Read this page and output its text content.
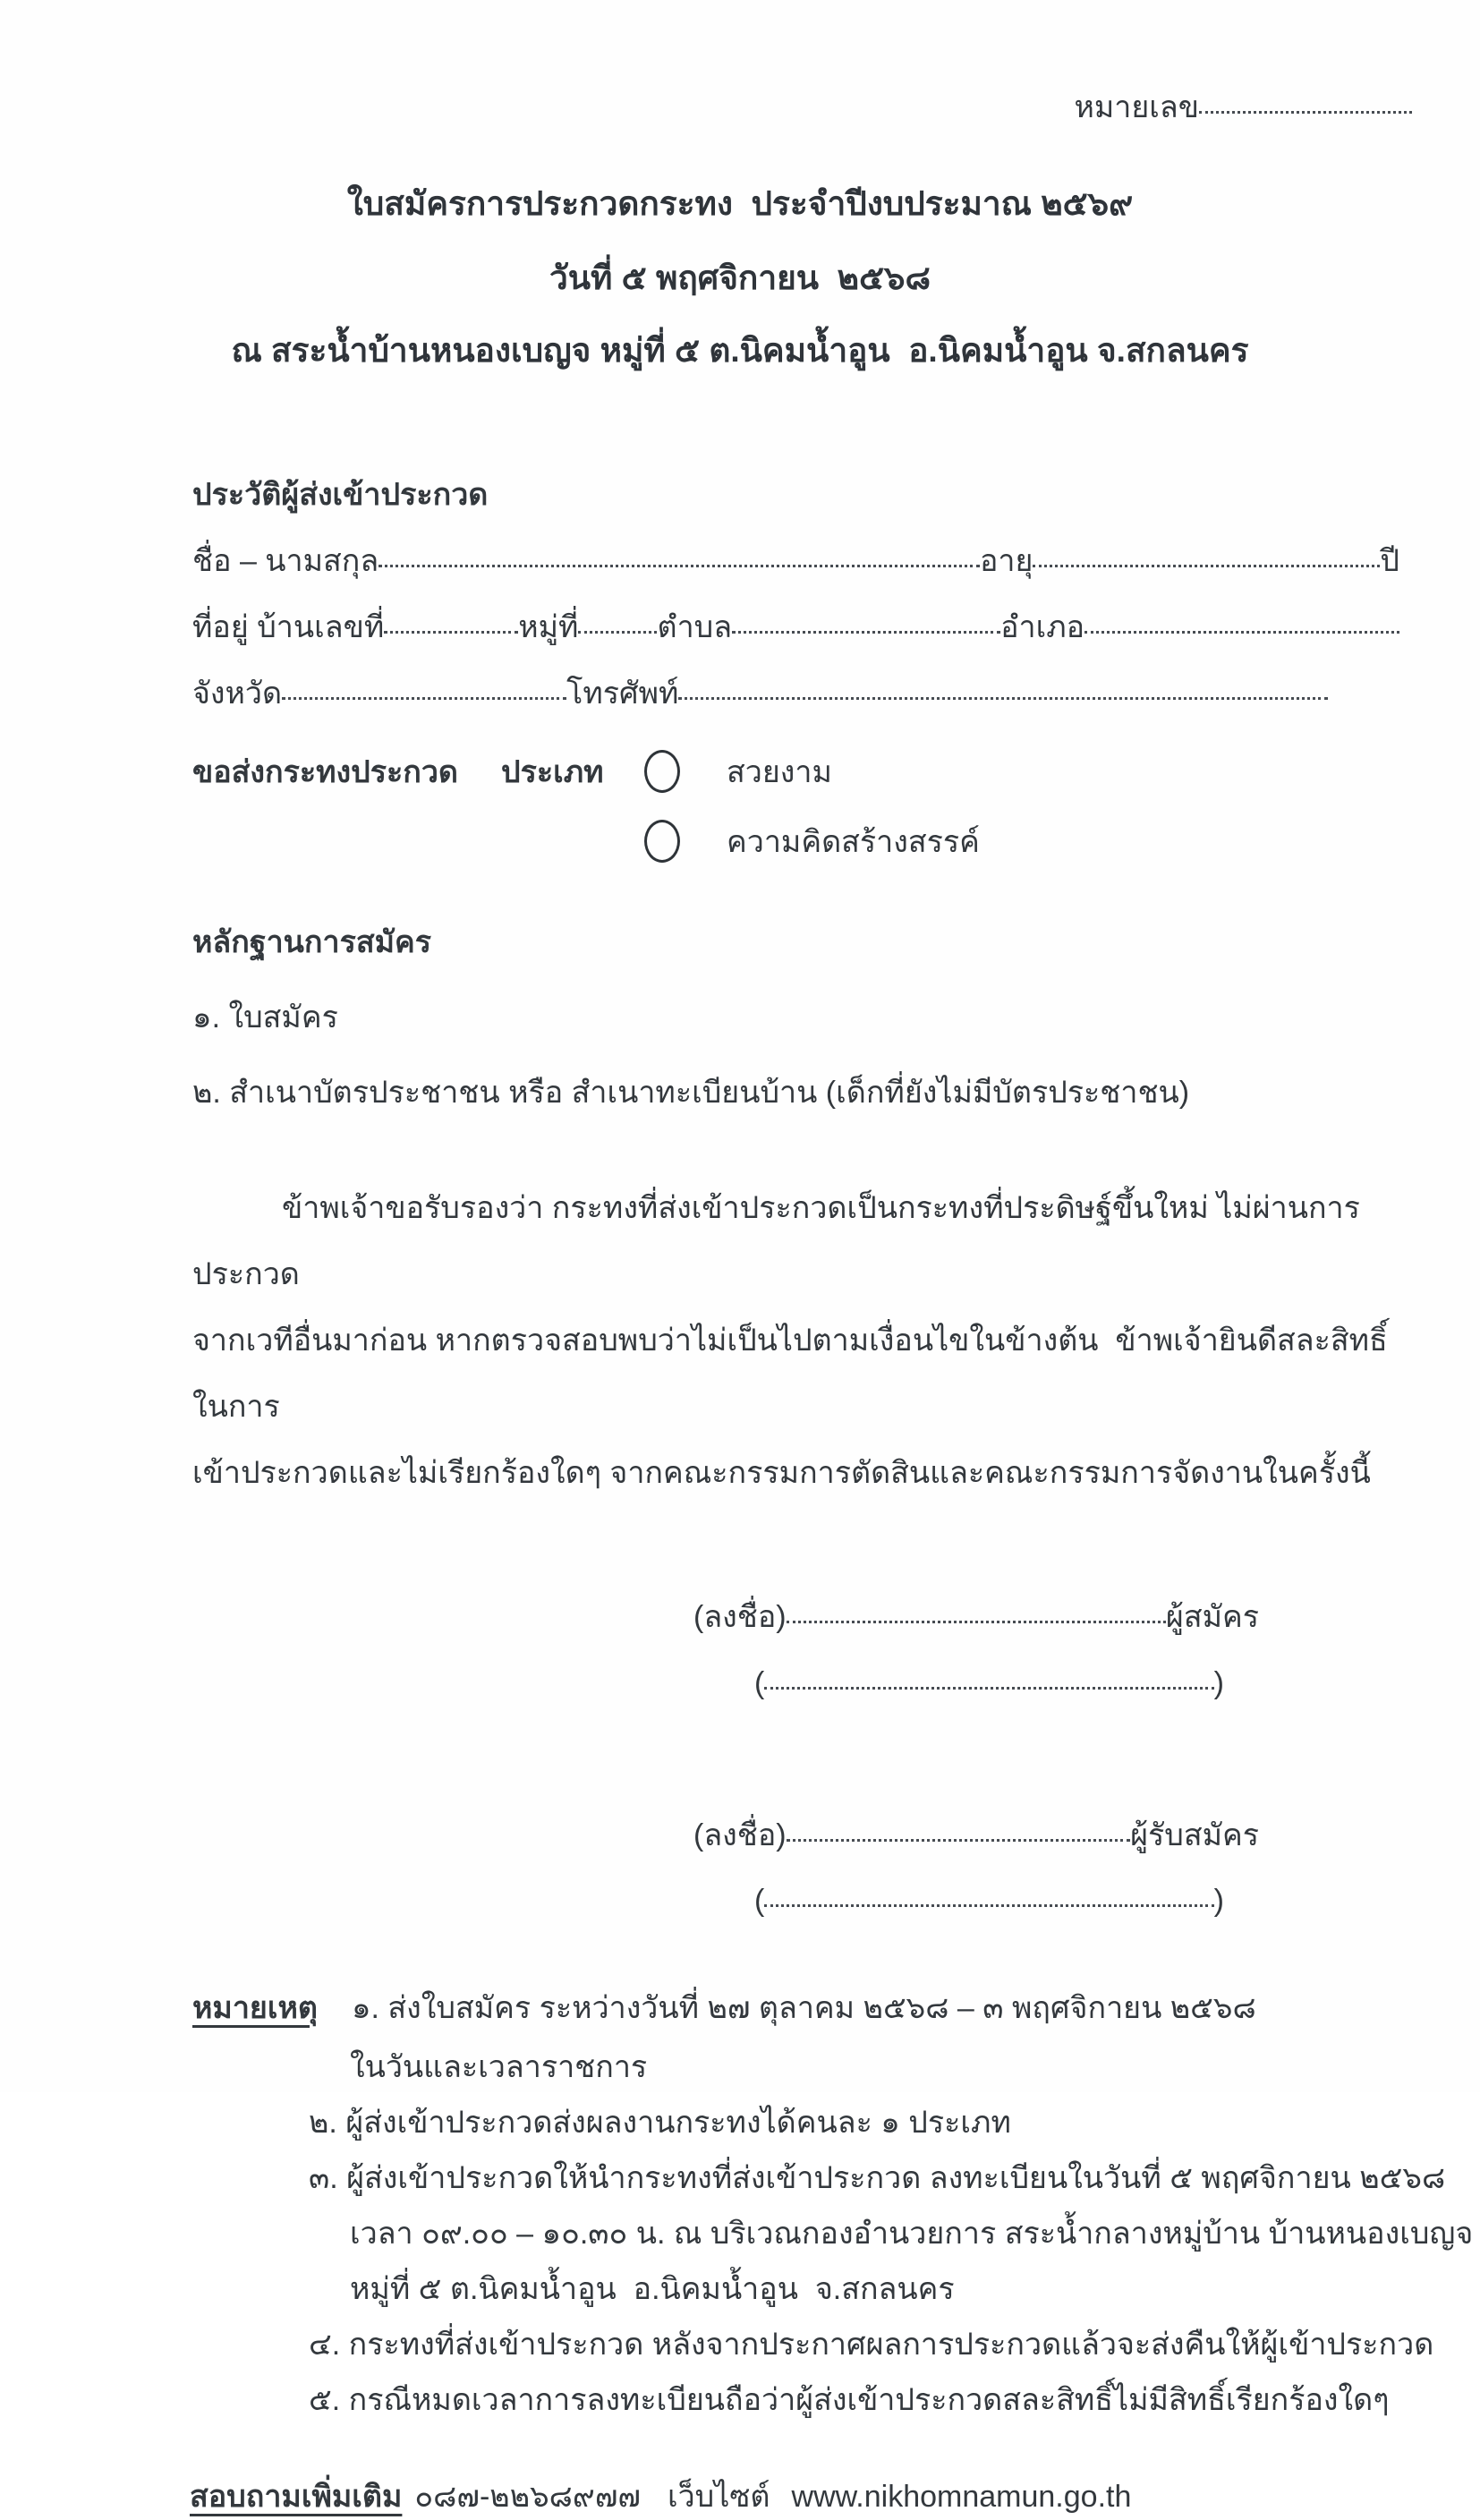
หมายเลข
ใบสมัครการประกวดกระทง  ประจำปีงบประมาณ ๒๕๖๙
วันที่ ๕ พฤศจิกายน  ๒๕๖๘
ณ สระน้ำบ้านหนองเบญจ หมู่ที่ ๕ ต.นิคมน้ำอูน  อ.นิคมน้ำอูน จ.สกลนคร
ประวัติผู้ส่งเข้าประกวด
ชื่อ – นามสกุล	อายุ	ปี
ที่อยู่ บ้านเลขที่	หมู่ที่	ตำบล	อำเภอ
จังหวัด	โทรศัพท์
ขอส่งกระทงประกวด ประเภท	สวยงาม
ความคิดสร้างสรรค์
หลักฐานการสมัคร
๑. ใบสมัคร
๒. สำเนาบัตรประชาชน หรือ สำเนาทะเบียนบ้าน (เด็กที่ยังไม่มีบัตรประชาชน)
ข้าพเจ้าขอรับรองว่า กระทงที่ส่งเข้าประกวดเป็นกระทงที่ประดิษฐ์ขึ้นใหม่ ไม่ผ่านการประกวด
จากเวทีอื่นมาก่อน หากตรวจสอบพบว่าไม่เป็นไปตามเงื่อนไขในข้างต้น  ข้าพเจ้ายินดีสละสิทธิ์ในการ
เข้าประกวดและไม่เรียกร้องใดๆ จากคณะกรรมการตัดสินและคณะกรรมการจัดงานในครั้งนี้
(ลงชื่อ)	ผู้สมัคร
(	)
(ลงชื่อ)	ผู้รับสมัคร
(	)
หมายเหตุ ๑. ส่งใบสมัคร ระหว่างวันที่ ๒๗ ตุลาคม ๒๕๖๘ – ๓ พฤศจิกายน ๒๕๖๘
ในวันและเวลาราชการ
๒. ผู้ส่งเข้าประกวดส่งผลงานกระทงได้คนละ ๑ ประเภท
๓. ผู้ส่งเข้าประกวดให้นำกระทงที่ส่งเข้าประกวด ลงทะเบียนในวันที่ ๕ พฤศจิกายน ๒๕๖๘
เวลา ๐๙.๐๐ – ๑๐.๓๐ น. ณ บริเวณกองอำนวยการ สระน้ำกลางหมู่บ้าน บ้านหนองเบญจ
หมู่ที่ ๕ ต.นิคมน้ำอูน  อ.นิคมน้ำอูน  จ.สกลนคร
๔. กระทงที่ส่งเข้าประกวด หลังจากประกาศผลการประกวดแล้วจะส่งคืนให้ผู้เข้าประกวด
๕. กรณีหมดเวลาการลงทะเบียนถือว่าผู้ส่งเข้าประกวดสละสิทธิ์ไม่มีสิทธิ์เรียกร้องใดๆ
สอบถามเพิ่มเติม ๐๘๗-๒๒๖๘๙๗๗ เว็บไซต์ www.nikhomnamun.go.th
